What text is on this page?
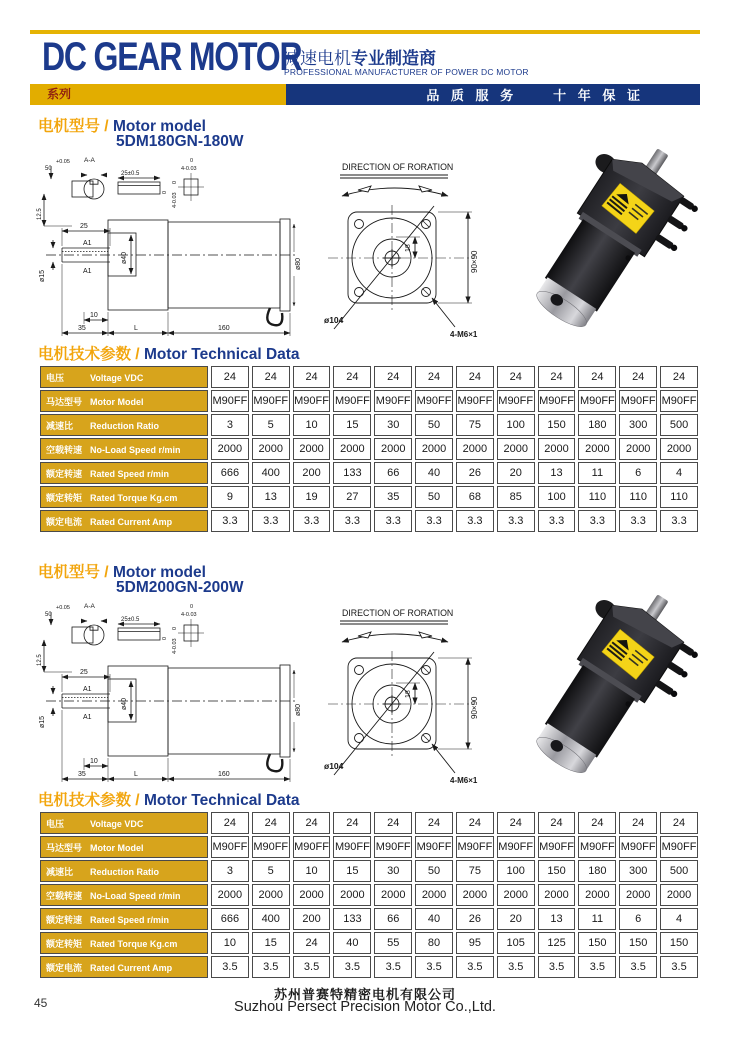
DC GEAR MOTOR
减速电机专业制造商
PROFESSIONAL MANUFACTURER OF POWER DC MOTOR
系列	品 质 服 务	十 年 保 证
+0.05
50
A-A
12.5
25±0.5
0
0
4-0.03
0
4-0.03
25
A1
A1
ø40
ø15
ø80
10
35	L	160
DIRECTION OF RORATION
18
90×90
ø104
4-M6×1
电机型号 / Motor model
5DM180GN-180W
电机技术参数 / Motor Technical Data
电压 Voltage VDC	24	24	24	24	24	24	24	24	24	24	24	24
马达型号 Motor Model	M90FF	M90FF	M90FF	M90FF	M90FF	M90FF	M90FF	M90FF	M90FF	M90FF	M90FF	M90FF
减速比 Reduction Ratio	3	5	10	15	30	50	75	100	150	180	300	500
空载转速 No-Load Speed r/min	2000	2000	2000	2000	2000	2000	2000	2000	2000	2000	2000	2000
额定转速 Rated Speed r/min	666	400	200	133	66	40	26	20	13	11	6	4
额定转矩 Rated Torque Kg.cm	9	13	19	27	35	50	68	85	100	110	110	110
额定电流 Rated Current Amp	3.3	3.3	3.3	3.3	3.3	3.3	3.3	3.3	3.3	3.3	3.3	3.3
+0.05
50
A-A
12.5
25±0.5
0
0
4-0.03
0
4-0.03
25
A1
A1
ø40
ø15
ø80
10
35	L	160
DIRECTION OF RORATION
18
90×90
ø104
4-M6×1
电机型号 / Motor model
5DM200GN-200W
电机技术参数 / Motor Technical Data
电压 Voltage VDC	24	24	24	24	24	24	24	24	24	24	24	24
马达型号 Motor Model	M90FF	M90FF	M90FF	M90FF	M90FF	M90FF	M90FF	M90FF	M90FF	M90FF	M90FF	M90FF
减速比 Reduction Ratio	3	5	10	15	30	50	75	100	150	180	300	500
空载转速 No-Load Speed r/min	2000	2000	2000	2000	2000	2000	2000	2000	2000	2000	2000	2000
额定转速 Rated Speed r/min	666	400	200	133	66	40	26	20	13	11	6	4
额定转矩 Rated Torque Kg.cm	10	15	24	40	55	80	95	105	125	150	150	150
额定电流 Rated Current Amp	3.5	3.5	3.5	3.5	3.5	3.5	3.5	3.5	3.5	3.5	3.5	3.5
45
苏州普赛特精密电机有限公司
Suzhou Persect Precision Motor Co.,Ltd.
